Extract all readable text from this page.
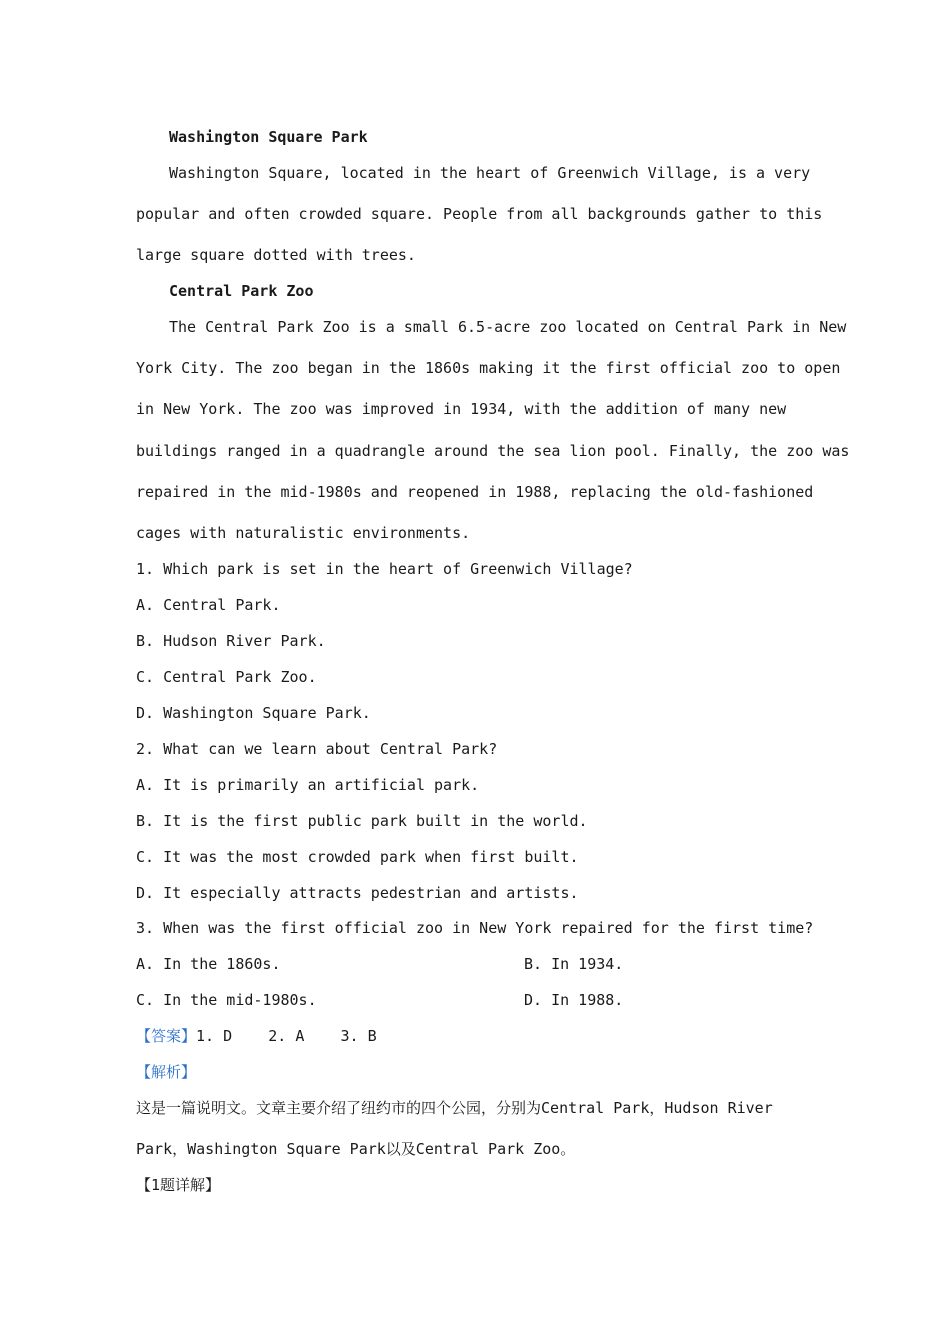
Washington Square Park
Washington Square, located in the heart of Greenwich Village, is a very
popular and often crowded square. People from all backgrounds gather to this
large square dotted with trees.
Central Park Zoo
The Central Park Zoo is a small 6.5-acre zoo located on Central Park in New
York City. The zoo began in the 1860s making it the first official zoo to open
in New York. The zoo was improved in 1934, with the addition of many new
buildings ranged in a quadrangle around the sea lion pool. Finally, the zoo was
repaired in the mid-1980s and reopened in 1988, replacing the old-fashioned
cages with naturalistic environments.
1. Which park is set in the heart of Greenwich Village?
A. Central Park.
B. Hudson River Park.
C. Central Park Zoo.
D. Washington Square Park.
2. What can we learn about Central Park?
A. It is primarily an artificial park.
B. It is the first public park built in the world.
C. It was the most crowded park when first built.
D. It especially attracts pedestrian and artists.
3. When was the first official zoo in New York repaired for the first time?
A. In the 1860s.	B. In 1934.
C. In the mid-1980s.	D. In 1988.
【答案】1. D    2. A    3. B
【解析】
这是一篇说明文。文章主要介绍了纽约市的四个公园，分别为Central Park，Hudson River
Park，Washington Square Park以及Central Park Zoo。
【1题详解】
